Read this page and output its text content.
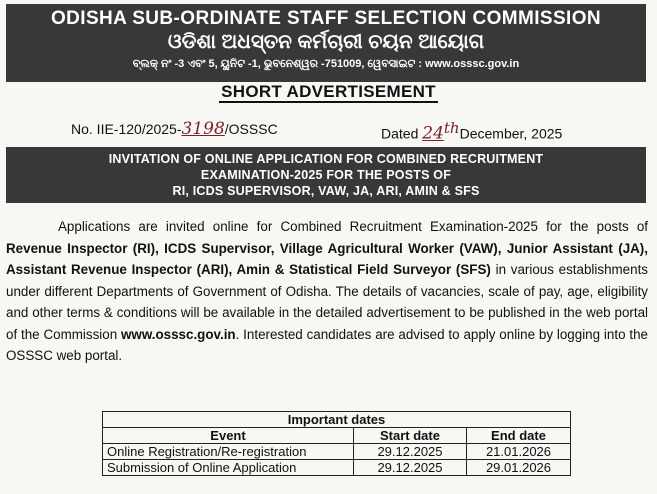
ODISHA SUB-ORDINATE STAFF SELECTION COMMISSION
ଓଡିଶା ଅଧସ୍ତନ କର୍ମଚାରୀ ଚୟନ ଆୟୋଗ
ବ୍ଲକ୍ ନଂ -3 ଏବଂ 5, ୟୁନିଟ -1, ଭୁବନେଶ୍ୱର -751009, ୱେବସାଇଟ : www.osssc.gov.in
SHORT ADVERTISEMENT
No. IIE-120/2025-3198/OSSSC	Dated 24thDecember, 2025
INVITATION OF ONLINE APPLICATION FOR COMBINED RECRUITMENT
EXAMINATION-2025 FOR THE POSTS OF
RI, ICDS SUPERVISOR, VAW, JA, ARI, AMIN & SFS
Applications are invited online for Combined Recruitment Examination-2025 for the posts of Revenue Inspector (RI), ICDS Supervisor, Village Agricultural Worker (VAW), Junior Assistant (JA), Assistant Revenue Inspector (ARI), Amin & Statistical Field Surveyor (SFS) in various establishments under different Departments of Government of Odisha. The details of vacancies, scale of pay, age, eligibility and other terms & conditions will be available in the detailed advertisement to be published in the web portal of the Commission www.osssc.gov.in. Interested candidates are advised to apply online by logging into the OSSSC web portal.
Important dates		
Event	Start date	End date
Online Registration/Re-registration	29.12.2025	21.01.2026
Submission of Online Application	29.12.2025	29.01.2026
